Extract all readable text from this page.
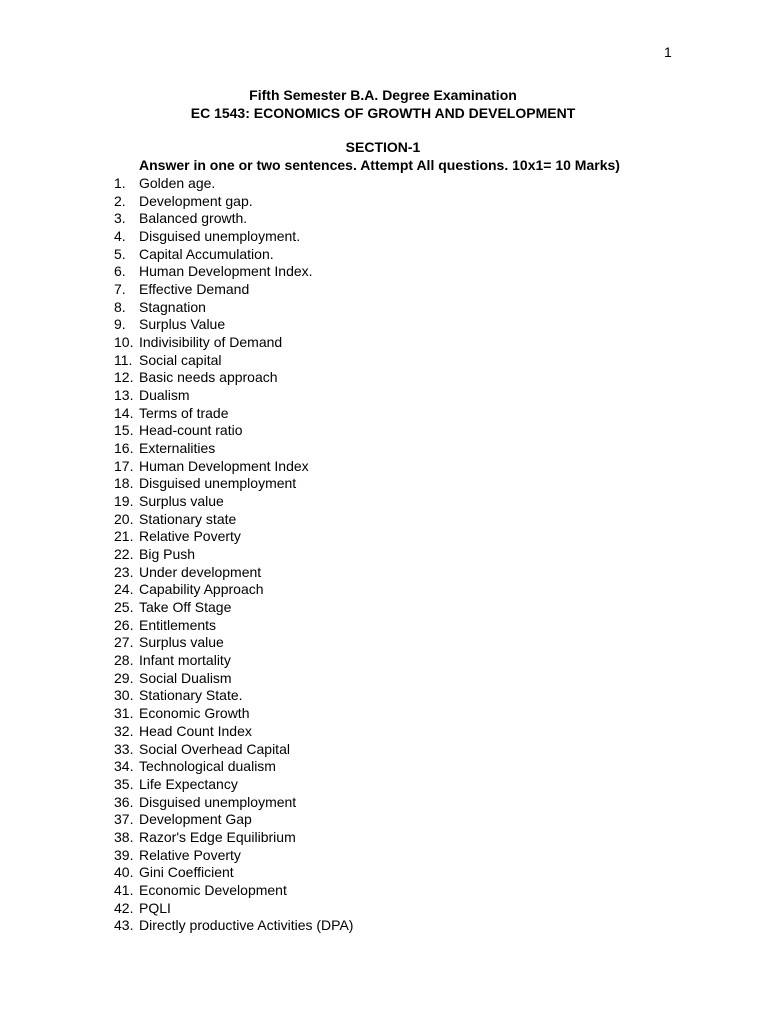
1
Fifth Semester B.A. Degree Examination
EC 1543: ECONOMICS OF GROWTH AND DEVELOPMENT
SECTION-1
Answer in one or two sentences. Attempt All questions. 10x1= 10 Marks)
1. Golden age.
2. Development gap.
3. Balanced growth.
4. Disguised unemployment.
5. Capital Accumulation.
6. Human Development Index.
7. Effective Demand
8. Stagnation
9. Surplus Value
10. Indivisibility of Demand
11. Social capital
12. Basic needs approach
13. Dualism
14. Terms of trade
15. Head-count ratio
16. Externalities
17. Human Development Index
18. Disguised unemployment
19. Surplus value
20. Stationary state
21. Relative Poverty
22. Big Push
23. Under development
24. Capability Approach
25. Take Off Stage
26. Entitlements
27. Surplus value
28. Infant mortality
29. Social Dualism
30. Stationary State.
31. Economic Growth
32. Head Count Index
33. Social Overhead Capital
34. Technological dualism
35. Life Expectancy
36. Disguised unemployment
37. Development Gap
38. Razor's Edge Equilibrium
39. Relative Poverty
40. Gini Coefficient
41. Economic Development
42. PQLI
43. Directly productive Activities (DPA)
